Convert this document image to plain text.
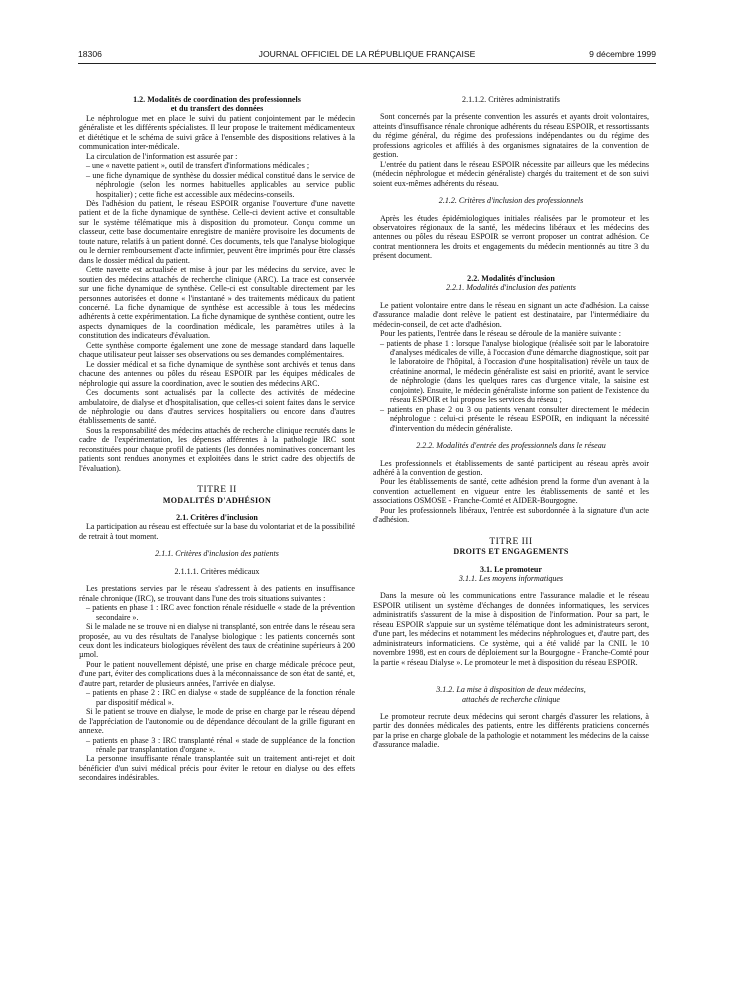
18306	JOURNAL OFFICIEL DE LA RÉPUBLIQUE FRANÇAISE	9 décembre 1999
1.2. Modalités de coordination des professionnels
et du transfert des données

Le néphrologue met en place le suivi du patient conjointement par le médecin généraliste et les différents spécialistes. Il leur propose le traitement médicamenteux et diététique et le schéma de suivi grâce à l'ensemble des dispositions relatives à la communication inter-médicale.

La circulation de l'information est assurée par :

– une « navette patient », outil de transfert d'informations médicales ;
– une fiche dynamique de synthèse du dossier médical constitué dans le service de néphrologie (selon les normes habituelles applicables au service public hospitalier) ; cette fiche est accessible aux médecins-conseils.

Dès l'adhésion du patient, le réseau ESPOIR organise l'ouverture d'une navette patient et de la fiche dynamique de synthèse. Celle-ci devient active et consultable sur le système télématique mis à disposition du promoteur. Conçu comme un classeur, cette base documentaire enregistre de manière provisoire les documents de toute nature, relatifs à un patient donné. Ces documents, tels que l'analyse biologique ou le dernier remboursement d'acte infirmier, peuvent être imprimés pour être classés dans le dossier médical du patient.

Cette navette est actualisée et mise à jour par les médecins du service, avec le soutien des médecins attachés de recherche clinique (ARC). La trace est conservée sur une fiche dynamique de synthèse. Celle-ci est consultable directement par les personnes autorisées et donne « l'instantané » des traitements médicaux du patient concerné. La fiche dynamique de synthèse est accessible à tous les médecins adhérents à cette expérimentation. La fiche dynamique de synthèse contient, outre les aspects dynamiques de la coordination médicale, les paramètres utiles à la constitution des indicateurs d'évaluation.

Cette synthèse comporte également une zone de message standard dans laquelle chaque utilisateur peut laisser ses observations ou ses demandes complémentaires.

Le dossier médical et sa fiche dynamique de synthèse sont archivés et tenus dans chacune des antennes ou pôles du réseau ESPOIR par les équipes médicales de néphrologie qui assure la coordination, avec le soutien des médecins ARC.

Ces documents sont actualisés par la collecte des activités de médecine ambulatoire, de dialyse et d'hospitalisation, que celles-ci soient faites dans le service de néphrologie ou dans d'autres services hospitaliers ou encore dans d'autres établissements de santé.

Sous la responsabilité des médecins attachés de recherche clinique recrutés dans le cadre de l'expérimentation, les dépenses afférentes à la pathologie IRC sont reconstituées pour chaque profil de patients (les données nominatives concernant les patients sont rendues anonymes et exploitées dans le strict cadre des objectifs de l'évaluation).

TITRE II
MODALITÉS D'ADHÉSION
2.1. Critères d'inclusion

La participation au réseau est effectuée sur la base du volontariat et de la possibilité de retrait à tout moment.

2.1.1. Critères d'inclusion des patients
2.1.1.1. Critères médicaux

Les prestations servies par le réseau s'adressent à des patients en insuffisance rénale chronique (IRC), se trouvant dans l'une des trois situations suivantes :

– patients en phase 1 : IRC avec fonction rénale résiduelle « stade de la prévention secondaire ».

Si le malade ne se trouve ni en dialyse ni transplanté, son entrée dans le réseau sera proposée, au vu des résultats de l'analyse biologique : les patients concernés sont ceux dont les indicateurs biologiques révèlent des taux de créatinine supérieurs à 200 µmol.

Pour le patient nouvellement dépisté, une prise en charge médicale précoce peut, d'une part, éviter des complications dues à la méconnaissance de son état de santé, et, d'autre part, retarder de plusieurs années, l'arrivée en dialyse.

– patients en phase 2 : IRC en dialyse « stade de suppléance de la fonction rénale par dispositif médical ».

Si le patient se trouve en dialyse, le mode de prise en charge par le réseau dépend de l'appréciation de l'autonomie ou de dépendance découlant de la grille figurant en annexe.

– patients en phase 3 : IRC transplanté rénal « stade de suppléance de la fonction rénale par transplantation d'organe ».

La personne insuffisante rénale transplantée suit un traitement anti-rejet et doit bénéficier d'un suivi médical précis pour éviter le retour en dialyse ou des effets secondaires indésirables.

2.1.1.2. Critères administratifs

Sont concernés par la présente convention les assurés et ayants droit volontaires, atteints d'insuffisance rénale chronique adhérents du réseau ESPOIR, et ressortissants du régime général, du régime des professions indépendantes ou du régime des professions agricoles et affiliés à des organismes signataires de la convention de gestion.

L'entrée du patient dans le réseau ESPOIR nécessite par ailleurs que les médecins (médecin néphrologue et médecin généraliste) chargés du traitement et de son suivi soient eux-mêmes adhérents du réseau.

2.1.2. Critères d'inclusion des professionnels

Après les études épidémiologiques initiales réalisées par le promoteur et les observatoires régionaux de la santé, les médecins libéraux et les médecins des antennes ou pôles du réseau ESPOIR se verront proposer un contrat adhésion. Ce contrat mentionnera les droits et engagements du médecin mentionnés au titre 3 du présent document.

2.2. Modalités d'inclusion
2.2.1. Modalités d'inclusion des patients

Le patient volontaire entre dans le réseau en signant un acte d'adhésion. La caisse d'assurance maladie dont relève le patient est destinataire, par l'intermédiaire du médecin-conseil, de cet acte d'adhésion.

Pour les patients, l'entrée dans le réseau se déroule de la manière suivante :

– patients de phase 1 : lorsque l'analyse biologique (réalisée soit par le laboratoire d'analyses médicales de ville, à l'occasion d'une démarche diagnostique, soit par le laboratoire de l'hôpital, à l'occasion d'une hospitalisation) révèle un taux de créatinine anormal, le médecin généraliste est saisi en priorité, avant le service de néphrologie (dans les quelques rares cas d'urgence vitale, la saisine est conjointe). Ensuite, le médecin généraliste informe son patient de l'existence du réseau ESPOIR et lui propose les services du réseau ;
– patients en phase 2 ou 3 ou patients venant consulter directement le médecin néphrologue : celui-ci présente le réseau ESPOIR, en indiquant la nécessité d'intervention du médecin généraliste.
2.2.2. Modalités d'entrée des professionnels dans le réseau

Les professionnels et établissements de santé participent au réseau après avoir adhéré à la convention de gestion.

Pour les établissements de santé, cette adhésion prend la forme d'un avenant à la convention actuellement en vigueur entre les établissements de santé et les associations OSMOSE - Franche-Comté et AIDER-Bourgogne.

Pour les professionnels libéraux, l'entrée est subordonnée à la signature d'un acte d'adhésion.

TITRE III
DROITS ET ENGAGEMENTS
3.1. Le promoteur
3.1.1. Les moyens informatiques

Dans la mesure où les communications entre l'assurance maladie et le réseau ESPOIR utilisent un système d'échanges de données informatiques, les services administratifs s'assurent de la mise à disposition de l'information. Pour sa part, le réseau ESPOIR s'appuie sur un système télématique dont les administrateurs seront, d'une part, les médecins et notamment les médecins néphrologues et, d'autre part, des administrateurs informaticiens. Ce système, qui a été validé par la CNIL le 10 novembre 1998, est en cours de déploiement sur la Bourgogne - Franche-Comté pour la partie « réseau Dialyse ». Le promoteur le met à disposition du réseau ESPOIR.

3.1.2. La mise à disposition de deux médecins,
attachés de recherche clinique

Le promoteur recrute deux médecins qui seront chargés d'assurer les relations, à partir des données médicales des patients, entre les différents praticiens concernés par la prise en charge globale de la pathologie et notamment les médecins de la caisse d'assurance maladie.
